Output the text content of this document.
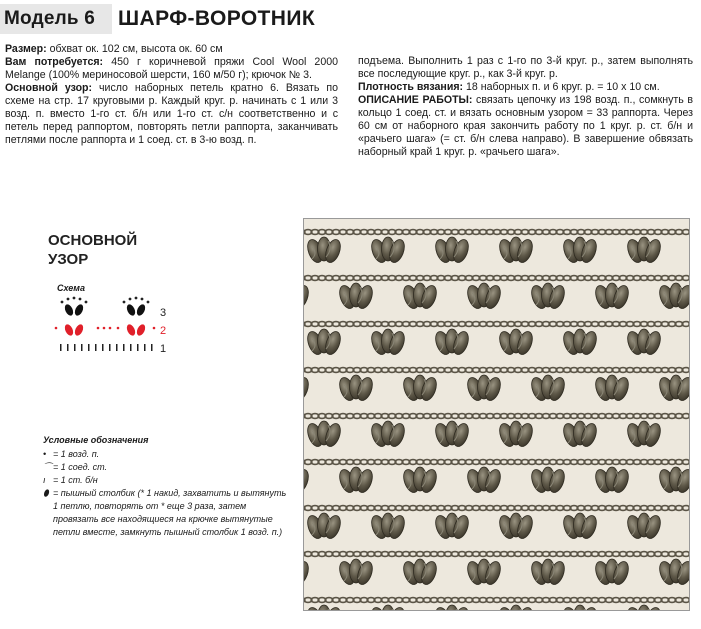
Модель 6	ШАРФ-ВОРОТНИК

Размер: обхват ок. 102 см, высота ок. 60 см

Вам потребуется: 450 г коричневой пряжи Cool Wool 2000 Melange (100% мериносовой шерсти, 160 м/50 г); крючок № 3.

Основной узор: число наборных петель кратно 6. Вязать по схеме на стр. 17 круговыми р. Каждый круг. р. начинать с 1 или 3 возд. п. вместо 1-го ст. б/н или 1-го ст. с/н соответственно и с петель перед раппортом, повторять петли раппорта, заканчивать петлями после раппорта и 1 соед. ст. в 3-ю возд. п.

подъема. Выполнить 1 раз с 1-го по 3-й круг. р., затем выполнять все последующие круг. р., как 3-й круг. р.

Плотность вязания: 18 наборных п. и 6 круг. р. = 10 х 10 см.

ОПИСАНИЕ РАБОТЫ: связать цепочку из 198 возд. п., сомкнуть в кольцо 1 соед. ст. и вязать основным узором = 33 раппорта. Через 60 см от наборного края закончить работу по 1 круг. р. ст. б/н и «рачьего шага» (= ст. б/н слева направо). В завершение обвязать наборный край 1 круг. р. «рачьего шага».

ОСНОВНОЙ
УЗОР
Схема
3
2
1
Условные обозначения
• = 1 возд. п.
⌒ = 1 соед. ст.
ı = 1 ст. б/н
⬮ = пышный столбик (* 1 накид, захватить и вытянуть 1 петлю, повторять от * еще 3 раза, затем провязать все находящиеся на крючке вытянутые петли вместе, замкнуть пышный столбик 1 возд. п.)
